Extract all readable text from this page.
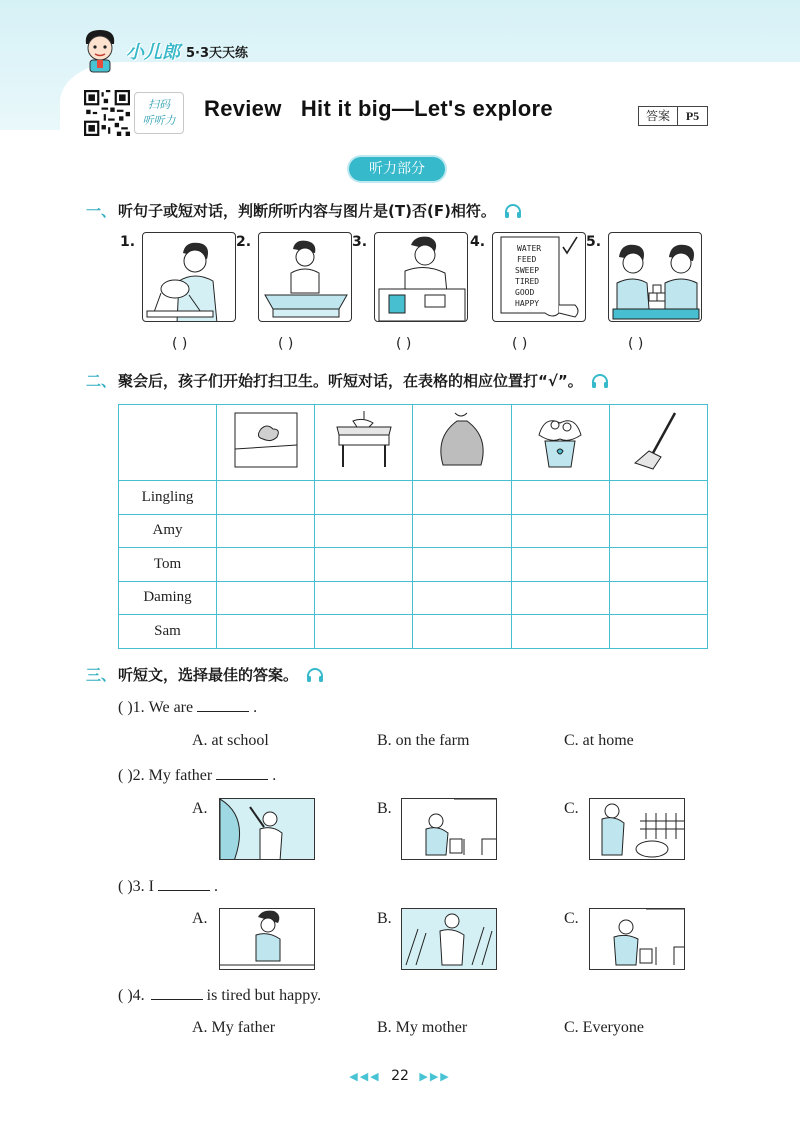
小儿郎 5·3天天练
扫码
听听力 Review   Hit it big—Let's explore	答案	P5
听力部分
一、 听句子或短对话，判断所听内容与图片是(T)否(F)相符。
1.	2.	3.	4.	WATER
FEED
SWEEP
TIRED
GOOD
HAPPY
5.
( )	( )	( )	( )	( )
二、 聚会后，孩子们开始打扫卫生。听短对话，在表格的相应位置打“√”。

Lingling					
Amy					
Tom					
Daming					
Sam					
三、 听短文，选择最佳的答案。
( ) 1. We are	.
A. at school	B. on the farm	C. at home
( ) 2. My father	.
A.	B.	C.
( ) 3. I	.
A.	B.	C.
( ) 4.	is tired but happy.
A. My father	B. My mother	C. Everyone
◀◀◀ 22 ▶▶▶
